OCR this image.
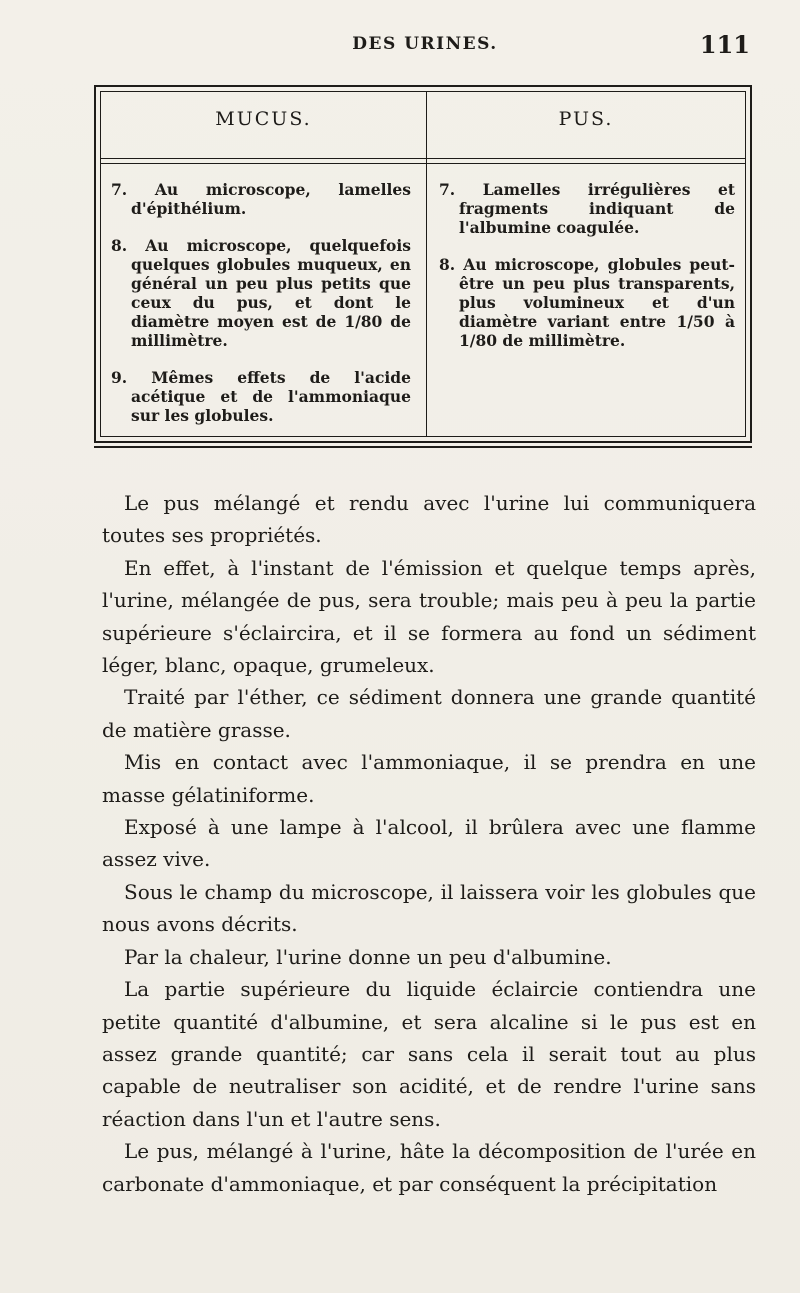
DES URINES.	111
MUCUS.	PUS.

7. Au microscope, lamelles d'épithélium.

8. Au microscope, quelquefois quelques globules muqueux, en général un peu plus petits que ceux du pus, et dont le diamètre moyen est de 1/80 de millimètre.

9. Mêmes effets de l'acide acétique et de l'ammoniaque sur les globules.

7. Lamelles irrégulières et fragments indiquant de l'albumine coagulée.

8. Au microscope, globules peut-être un peu plus transparents, plus volumineux et d'un diamètre variant entre 1/50 à 1/80 de millimètre.

Le pus mélangé et rendu avec l'urine lui communiquera toutes ses propriétés.

En effet, à l'instant de l'émission et quelque temps après, l'urine, mélangée de pus, sera trouble; mais peu à peu la partie supérieure s'éclaircira, et il se formera au fond un sédiment léger, blanc, opaque, grumeleux.

Traité par l'éther, ce sédiment donnera une grande quantité de matière grasse.

Mis en contact avec l'ammoniaque, il se prendra en une masse gélatiniforme.

Exposé à une lampe à l'alcool, il brûlera avec une flamme assez vive.

Sous le champ du microscope, il laissera voir les globules que nous avons décrits.

Par la chaleur, l'urine donne un peu d'albumine.

La partie supérieure du liquide éclaircie contiendra une petite quantité d'albumine, et sera alcaline si le pus est en assez grande quantité; car sans cela il serait tout au plus capable de neutraliser son acidité, et de rendre l'urine sans réaction dans l'un et l'autre sens.

Le pus, mélangé à l'urine, hâte la décomposition de l'urée en carbonate d'ammoniaque, et par conséquent la précipitation
